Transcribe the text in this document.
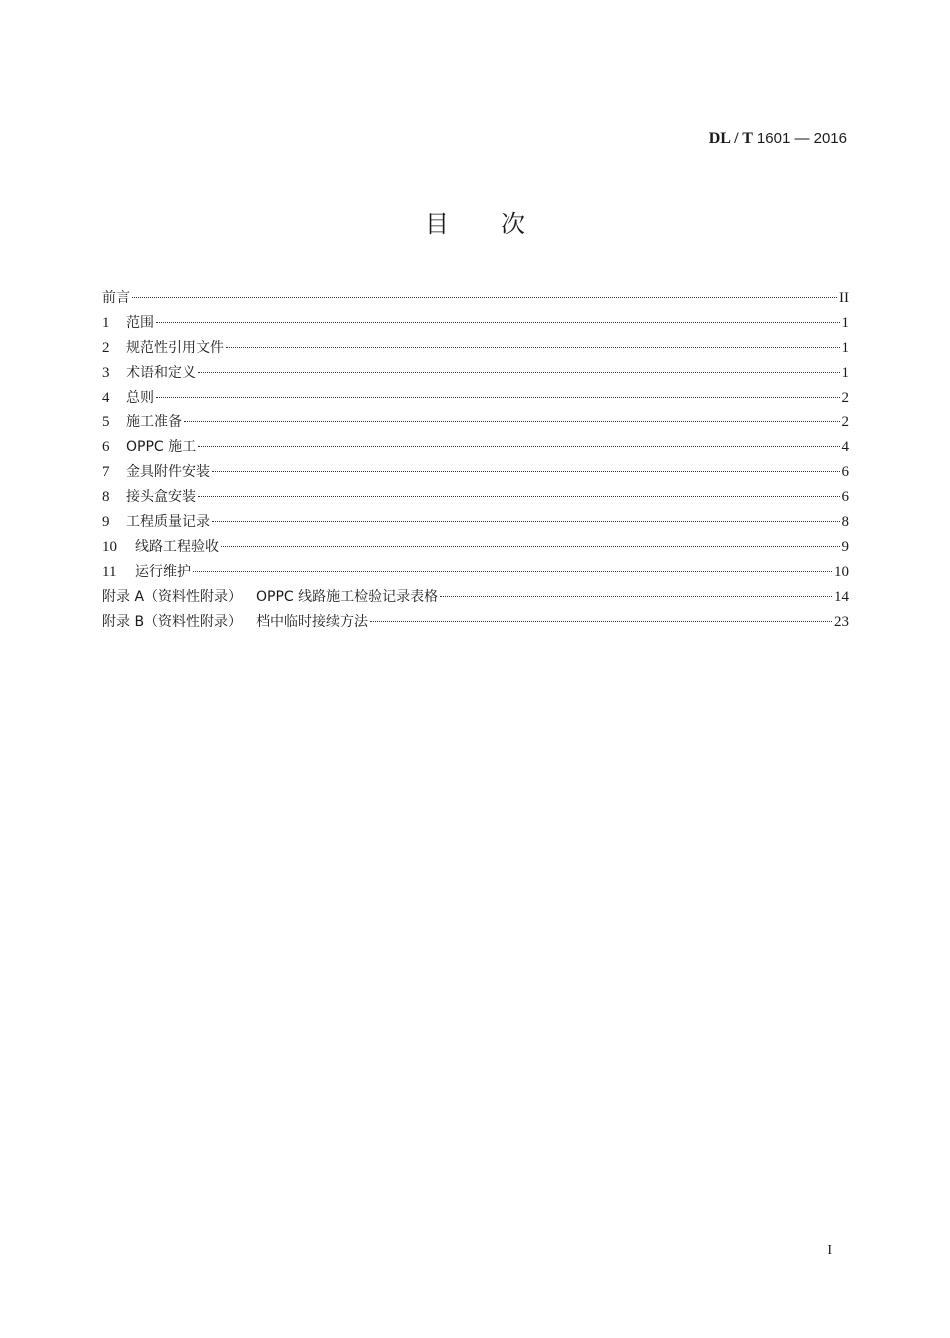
DL / T 1601 — 2016
目 次
前言	II
1	范围	1
2	规范性引用文件	1
3	术语和定义	1
4	总则	2
5	施工准备	2
6	OPPC 施工	4
7	金具附件安装	6
8	接头盒安装	6
9	工程质量记录	8
10	线路工程验收	9
11	运行维护	10
附录 A（资料性附录） OPPC 线路施工检验记录表格	14
附录 B（资料性附录） 档中临时接续方法	23
I
